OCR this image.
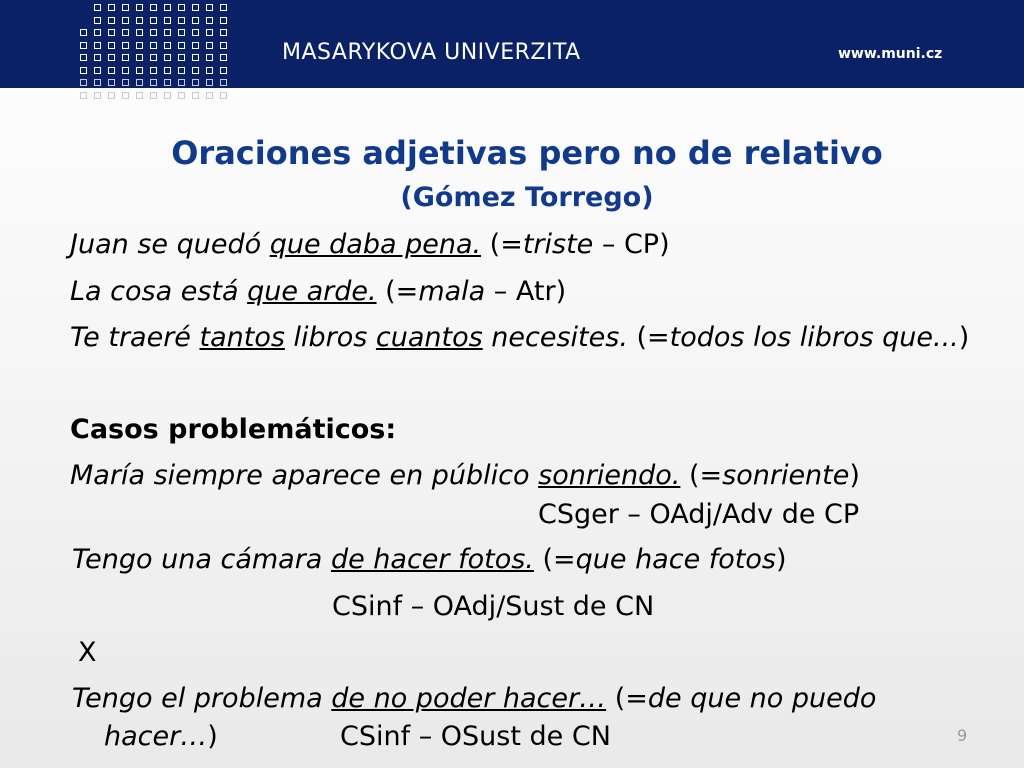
MASARYKOVA UNIVERZITA	www.muni.cz
Oraciones adjetivas pero no de relativo
(Gómez Torrego)
Juan se quedó que daba pena. (=triste – CP)
La cosa está que arde. (=mala – Atr)
Te traeré tantos libros cuantos necesites. (=todos los libros que...)
Casos problemáticos:
María siempre aparece en público sonriendo. (=sonriente)
CSger – OAdj/Adv de CP
Tengo una cámara de hacer fotos. (=que hace fotos)
CSinf – OAdj/Sust de CN
X
Tengo el problema de no poder hacer… (=de que no puedo
hacer…)	CSinf – OSust de CN	9
